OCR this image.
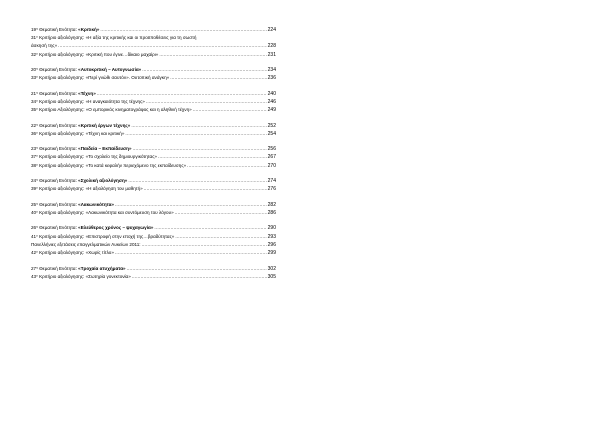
$19^\eta$ Θεματική Ενότητα: «Κριτική» .....	224
$31^o$ Κριτήριο αξιολόγησης: «Η αξία της κριτικής και οι προϋποθέσεις για τη σωστή
άσκησή της» .....	228
$32^o$ Κριτήριο αξιολόγησης: «Κριτική που έγινε…δίκαιο μαχαίρι» .....	231
$20^\eta$ Θεματική Ενότητα: «Αυτοκριτική – Αυτογνωσία» .....	234
$33^o$ Κριτήριο αξιολόγησης: «Περί γνώθι σαυτόν». Ουτοπική ανάγκη» .....	236
$21^\eta$ Θεματική Ενότητα: «Τέχνη» .....	240
$34^o$ Κριτήριο αξιολόγησης: «Η αναγκαιότητα της τέχνης» .....	246
$35^o$ Κριτήριο Αξιολόγησης: «Ο εμπορικός κινηματογράφος και η αληθινή τέχνη» .....	249
$22^\eta$ Θεματική Ενότητα: «Κριτική έργων τέχνης» .....	252
$36^o$ Κριτήριο αξιολόγησης: «Τέχνη και κριτική» .....	254
$23^\eta$ Θεματική Ενότητα: «Παιδεία – Εκπαίδευση» .....	256
$37^o$ Κριτήριο αξιολόγησης: «Το σχολείο της δημιουργικότητας» .....	267
$38^o$ Κριτήριο αξιολόγησης: «Το κατά κεφαλήν περιεχόμενο της εκπαίδευσης» .....	270
$24^\eta$ Θεματική Ενότητα: «Σχολική αξιολόγηση» .....	274
$39^o$ Κριτήριο αξιολόγησης: «Η αξιολόγηση του μαθητή» .....	276
$25^\eta$ Θεματική Ενότητα: «Λακωνικότητα» .....	282
$40^o$ Κριτήριο αξιολόγησης: «Λακωνικότητα και συντόμευση του λόγου» .....	286
$26^\eta$ Θεματική Ενότητα: «Ελεύθερος χρόνος – ψυχαγωγία» .....	290
$41^o$ Κριτήριο αξιολόγησης: «Επιστροφή στην εποχή της…βραδύτητας» .....	293
Πανελλήνιες εξετάσεις επαγγελματικών Λυκείων 2011: .....	296
$42^o$ Κριτήριο αξιολόγησης: «Χωρίς τίτλο» .....	299
$27^\eta$ Θεματική Ενότητα: «Τροχαία ατυχήματα» .....	302
$43^o$ Κριτήριο αξιολόγησης: «Σωτηρία γονεκτονία» .....	305
